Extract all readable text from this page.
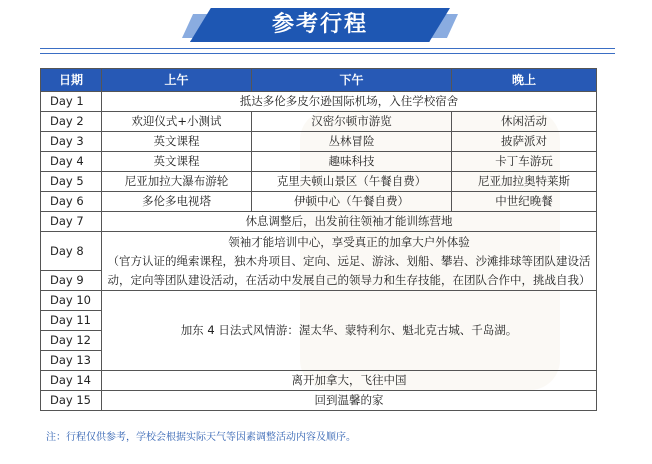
参考行程
日期	上午	下午	晚上
Day 1	抵达多伦多皮尔逊国际机场，入住学校宿舍		
Day 2	欢迎仪式+小测试	汉密尔顿市游览	休闲活动
Day 3	英文课程	丛林冒险	披萨派对
Day 4	英文课程	趣味科技	卡丁车游玩
Day 5	尼亚加拉大瀑布游轮	克里夫顿山景区（午餐自费）	尼亚加拉奥特莱斯
Day 6	多伦多电视塔	伊顿中心（午餐自费）	中世纪晚餐
Day 7	休息调整后，出发前往领袖才能训练营地		
Day 8	领袖才能培训中心，享受真正的加拿大户外体验
（官方认证的绳索课程，独木舟项目、定向、远足、游泳、划船、攀岩、沙滩排球等团队建设活
动，定向等团队建设活动，在活动中发展自己的领导力和生存技能，在团队合作中，挑战自我）		

Day 9			
Day 10	加东 4 日法式风情游：渥太华、蒙特利尔、魁北克古城、千岛湖。		
Day 11			
Day 12			
Day 13			
Day 14	离开加拿大，飞往中国		
Day 15	回到温馨的家		
注：行程仅供参考，学校会根据实际天气等因素调整活动内容及顺序。
